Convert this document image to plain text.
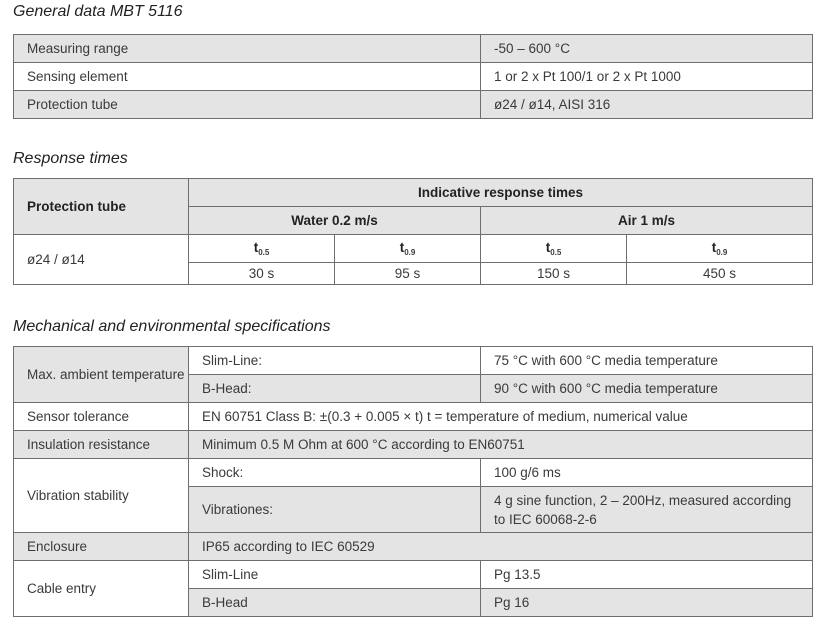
General data MBT 5116
Measuring range	-50 – 600 °C
Sensing element	1 or 2 x Pt 100/1 or 2 x Pt 1000
Protection tube	ø24 / ø14, AISI 316
Response times
Protection tube	Indicative response times			
	Water 0.2 m/s		Air 1 m/s	
ø24 / ø14	$t_{0.5}$	$t_{0.9}$	$t_{0.5}$	$t_{0.9}$
	30 s	95 s	150 s	450 s
Mechanical and environmental specifications
Max. ambient temperature	Slim-Line:	75 °C with 600 °C media temperature
	B-Head:	90 °C with 600 °C media temperature
Sensor tolerance	EN 60751 Class B: ±(0.3 + 0.005 × t) t = temperature of medium, numerical value	
Insulation resistance	Minimum 0.5 M Ohm at 600 °C according to EN60751	
Vibration stability	Shock:	100 g/6 ms
	Vibrationes:	4 g sine function, 2 – 200Hz, measured according to IEC 60068-2-6
Enclosure	IP65 according to IEC 60529	
Cable entry	Slim-Line	Pg 13.5
	B-Head	Pg 16
